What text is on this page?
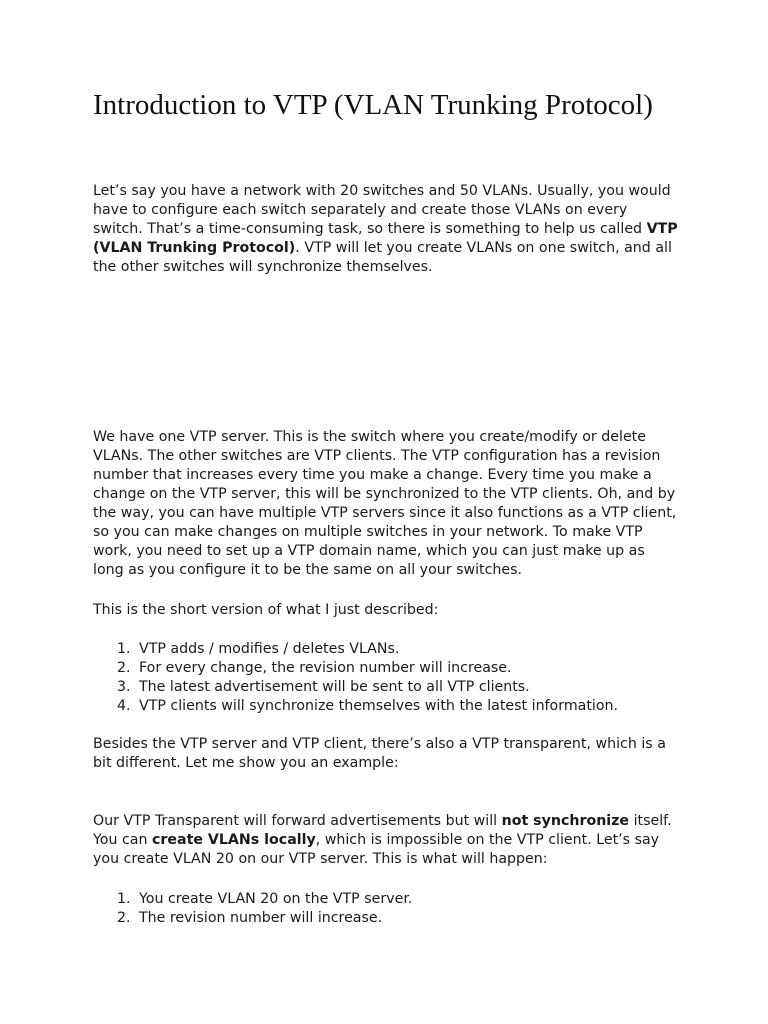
Introduction to VTP (VLAN Trunking Protocol)

Let’s say you have a network with 20 switches and 50 VLANs. Usually, you would have to configure each switch separately and create those VLANs on every switch. That’s a time-consuming task, so there is something to help us called VTP (VLAN Trunking Protocol). VTP will let you create VLANs on one switch, and all the other switches will synchronize themselves.

We have one VTP server. This is the switch where you create/modify or delete VLANs. The other switches are VTP clients. The VTP configuration has a revision number that increases every time you make a change. Every time you make a change on the VTP server, this will be synchronized to the VTP clients. Oh, and by the way, you can have multiple VTP servers since it also functions as a VTP client, so you can make changes on multiple switches in your network. To make VTP work, you need to set up a VTP domain name, which you can just make up as long as you configure it to be the same on all your switches.

This is the short version of what I just described:

1. VTP adds / modifies / deletes VLANs.
2. For every change, the revision number will increase.
3. The latest advertisement will be sent to all VTP clients.
4. VTP clients will synchronize themselves with the latest information.

Besides the VTP server and VTP client, there’s also a VTP transparent, which is a bit different. Let me show you an example:

Our VTP Transparent will forward advertisements but will not synchronize itself. You can create VLANs locally, which is impossible on the VTP client. Let’s say you create VLAN 20 on our VTP server. This is what will happen:

1. You create VLAN 20 on the VTP server.
2. The revision number will increase.
